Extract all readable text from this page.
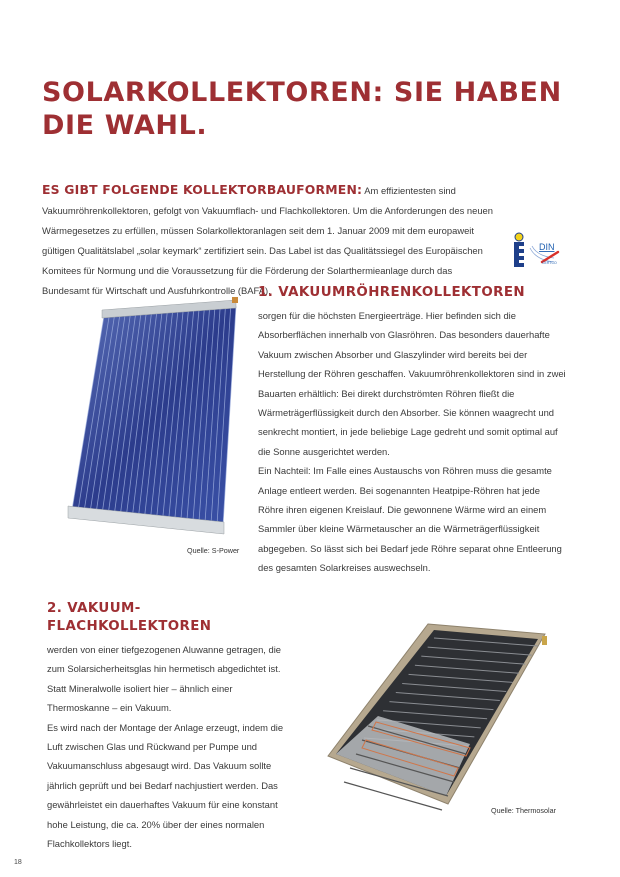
SOLARKOLLEKTOREN: SIE HABEN
DIE WAHL.
ES GIBT FOLGENDE KOLLEKTORBAUFORMEN: Am effizientesten sind Vakuumröhrenkollektoren, gefolgt von Vakuumflach- und Flachkollektoren. Um die Anforderungen des neuen Wärmegesetzes zu erfüllen, müssen Solarkollektoranlagen seit dem 1. Januar 2009 mit dem europaweit gültigen Qualitätslabel „solar keymark“ zertifiziert sein. Das Label ist das Qualitätssiegel des Europäischen Komitees für Normung und die Voraussetzung für die Förderung der Solarthermieanlage durch das Bundesamt für Wirtschaft und Ausfuhrkontrolle (BAFA).
DIN
CERTCO
Quelle: S-Power
1. VAKUUMRÖHRENKOLLEKTOREN

sorgen für die höchsten Energieerträge. Hier befinden sich die Absorberflächen innerhalb von Glasröhren. Das besonders dauerhafte Vakuum zwischen Absorber und Glaszylinder wird bereits bei der Herstellung der Röhren geschaffen. Vakuumröhrenkollektoren sind in zwei Bauarten erhältlich: Bei direkt durchströmten Röhren fließt die Wärmeträgerflüssigkeit durch den Absorber. Sie können waagrecht und senkrecht montiert, in jede beliebige Lage gedreht und somit optimal auf die Sonne ausgerichtet werden.

Ein Nachteil: Im Falle eines Austauschs von Röhren muss die gesamte Anlage entleert werden. Bei sogenannten Heatpipe-Röhren hat jede Röhre ihren eigenen Kreislauf. Die gewonnene Wärme wird an einem Sammler über kleine Wärmetauscher an die Wärmeträgerflüssigkeit abgegeben. So lässt sich bei Bedarf jede Röhre separat ohne Entleerung des gesamten Solarkreises auswechseln.

2. VAKUUM-FLACHKOLLEKTOREN

werden von einer tiefgezogenen Aluwanne getragen, die zum Solarsicherheitsglas hin hermetisch abgedichtet ist. Statt Mineralwolle isoliert hier – ähnlich einer Thermoskanne – ein Vakuum.

Es wird nach der Montage der Anlage erzeugt, indem die Luft zwischen Glas und Rückwand per Pumpe und Vakuumanschluss abgesaugt wird. Das Vakuum sollte jährlich geprüft und bei Bedarf nachjustiert werden. Das gewährleistet ein dauerhaftes Vakuum für eine konstant hohe Leistung, die ca. 20% über der eines normalen Flachkollektors liegt.

Quelle: Thermosolar
18
